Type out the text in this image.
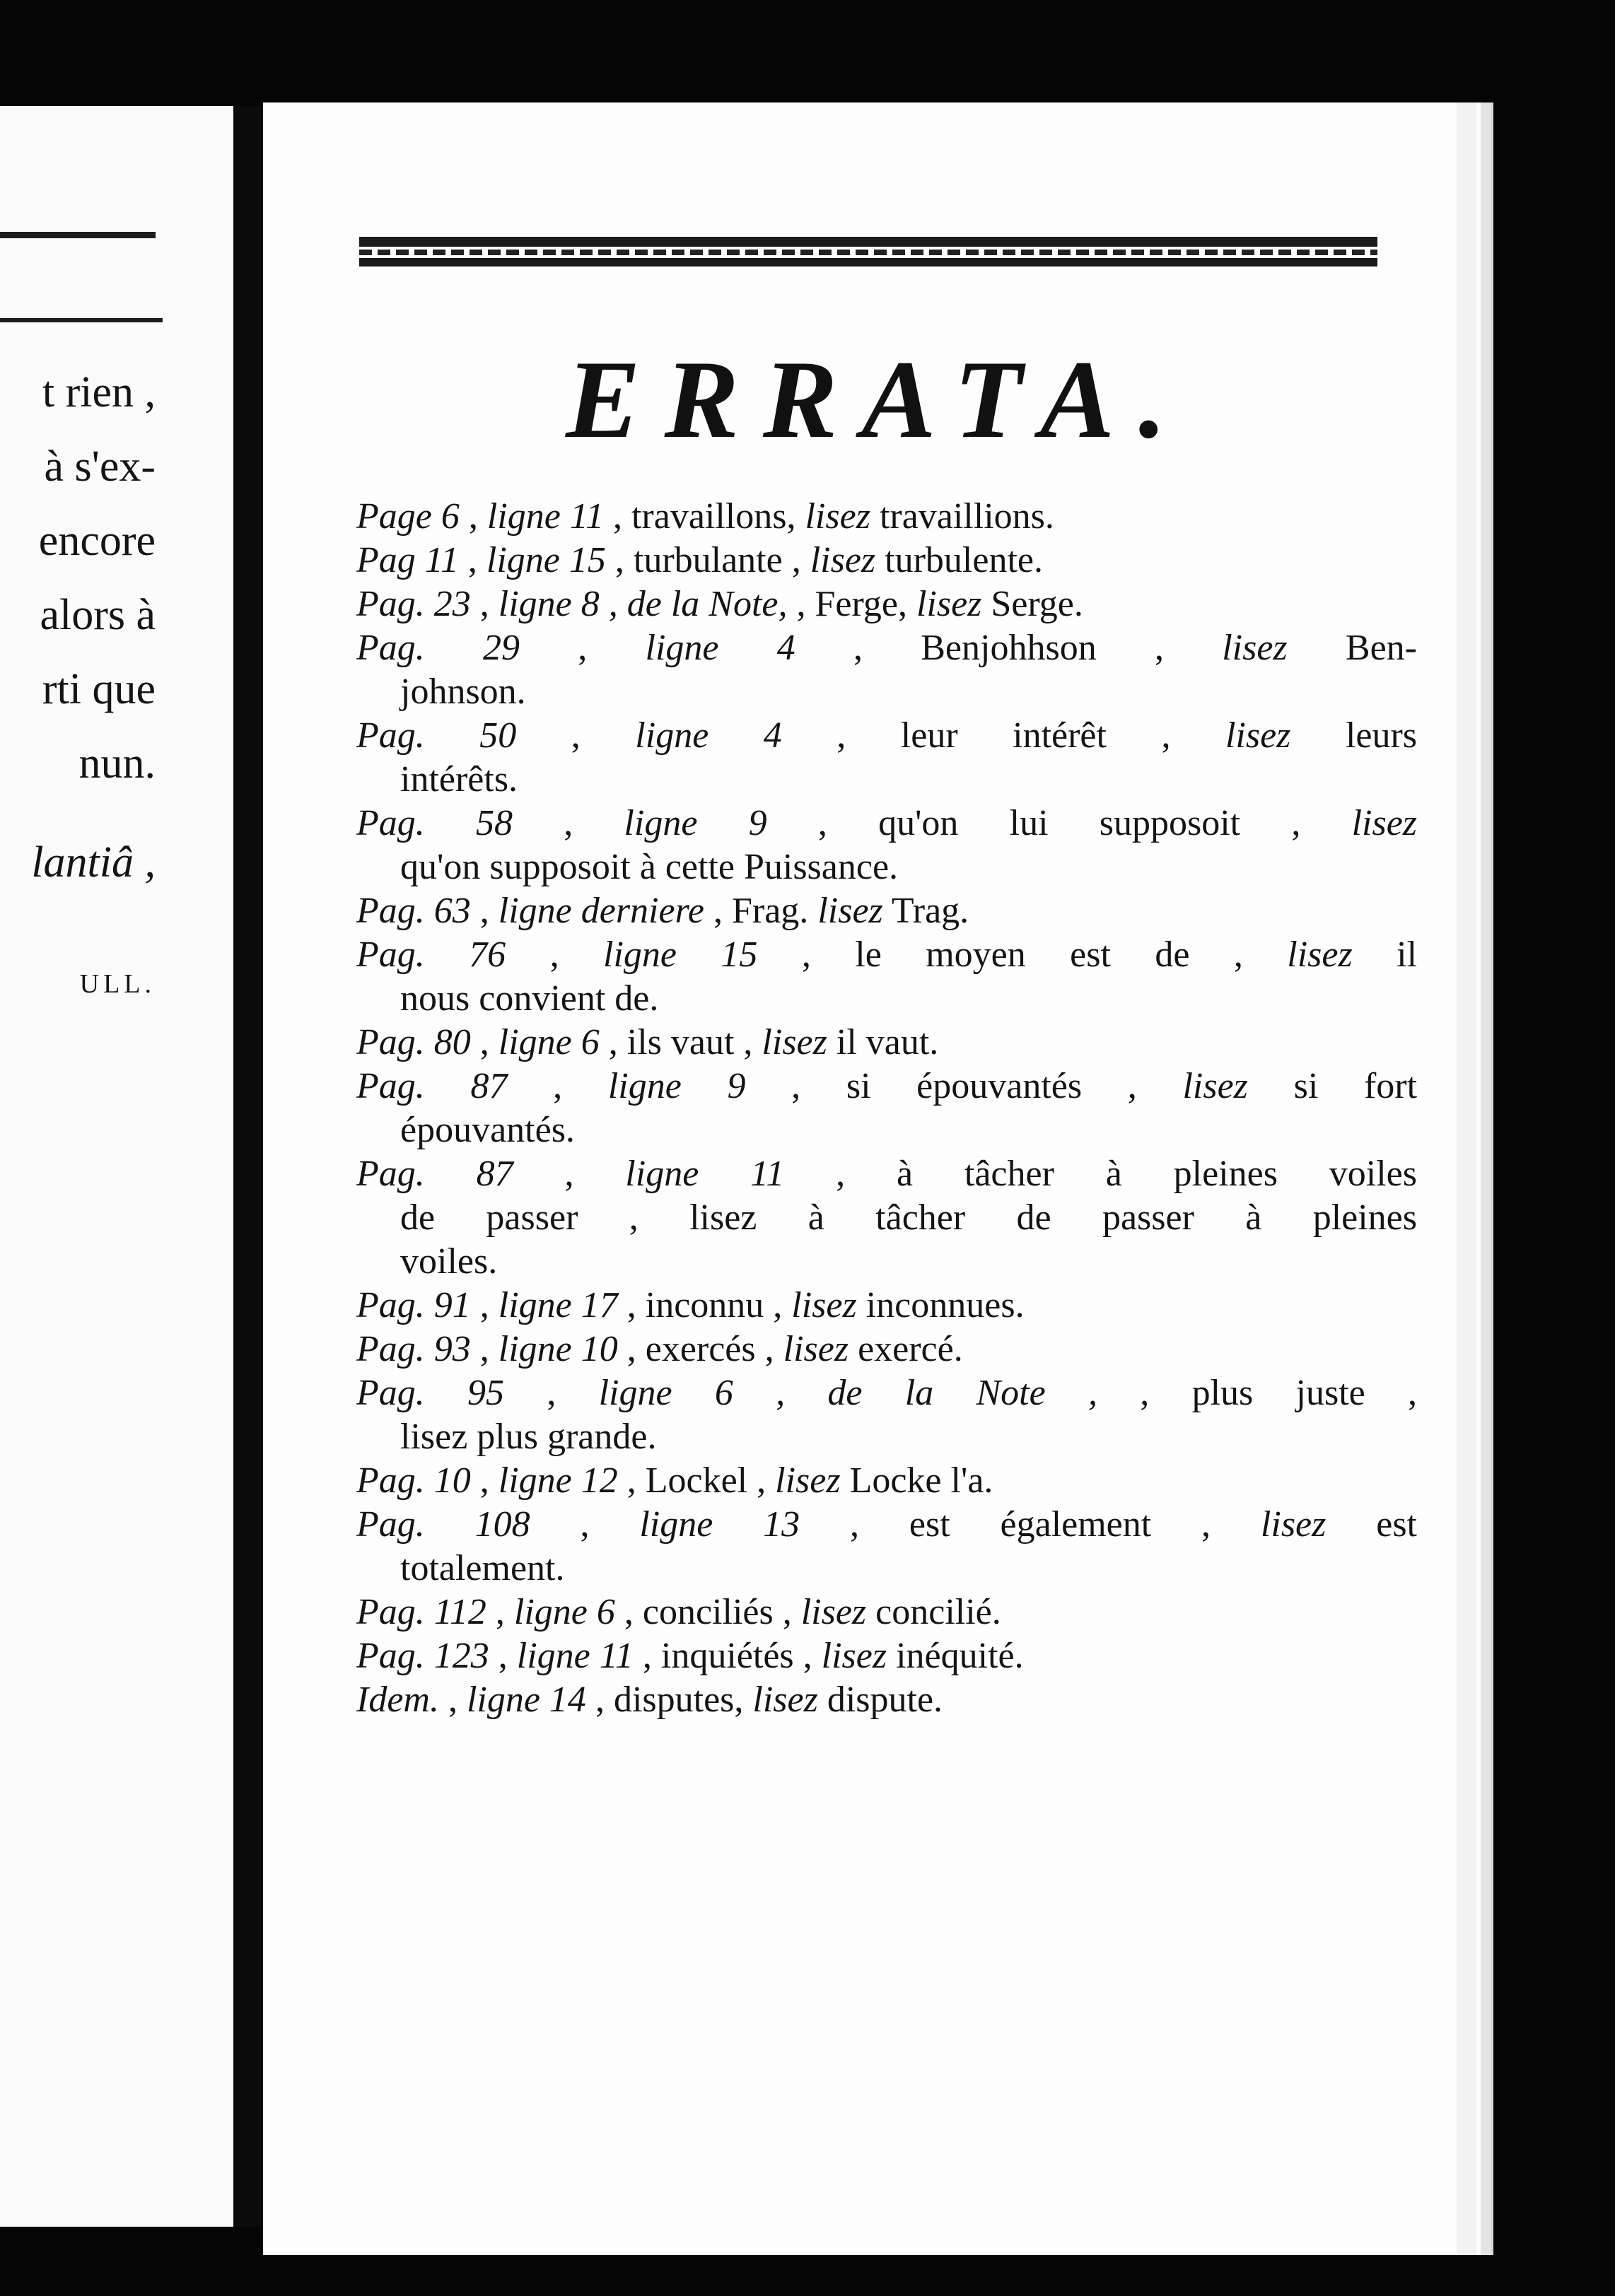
t rien ,
à s'ex-
encore
alors à
rti que
nun.
lantiâ ,
ULL.
ERRATA.
Page 6 , ligne 11 , travaillons, lisez travaillions.
Pag 11 , ligne 15 , turbulante , lisez turbulente.
Pag. 23 , ligne 8 , de la Note, , Ferge, lisez Serge.
Pag. 29 , ligne 4 , Benjohhson , lisez Ben-
johnson.
Pag. 50 , ligne 4 , leur intérêt , lisez leurs
intérêts.
Pag. 58 , ligne 9 , qu'on lui supposoit , lisez
qu'on supposoit à cette Puissance.
Pag. 63 , ligne derniere , Frag. lisez Trag.
Pag. 76 , ligne 15 , le moyen est de , lisez il
nous convient de.
Pag. 80 , ligne 6 , ils vaut , lisez il vaut.
Pag. 87 , ligne 9 , si épouvantés , lisez si fort
épouvantés.
Pag. 87 , ligne 11 , à tâcher à pleines voiles
de passer , lisez à tâcher de passer à pleines
voiles.
Pag. 91 , ligne 17 , inconnu , lisez inconnues.
Pag. 93 , ligne 10 , exercés , lisez exercé.
Pag. 95 , ligne 6 , de la Note , , plus juste ,
lisez plus grande.
Pag. 10 , ligne 12 , Lockel , lisez Locke l'a.
Pag. 108 , ligne 13 , est également , lisez est
totalement.
Pag. 112 , ligne 6 , conciliés , lisez concilié.
Pag. 123 , ligne 11 , inquiétés , lisez inéquité.
Idem. , ligne 14 , disputes, lisez dispute.
